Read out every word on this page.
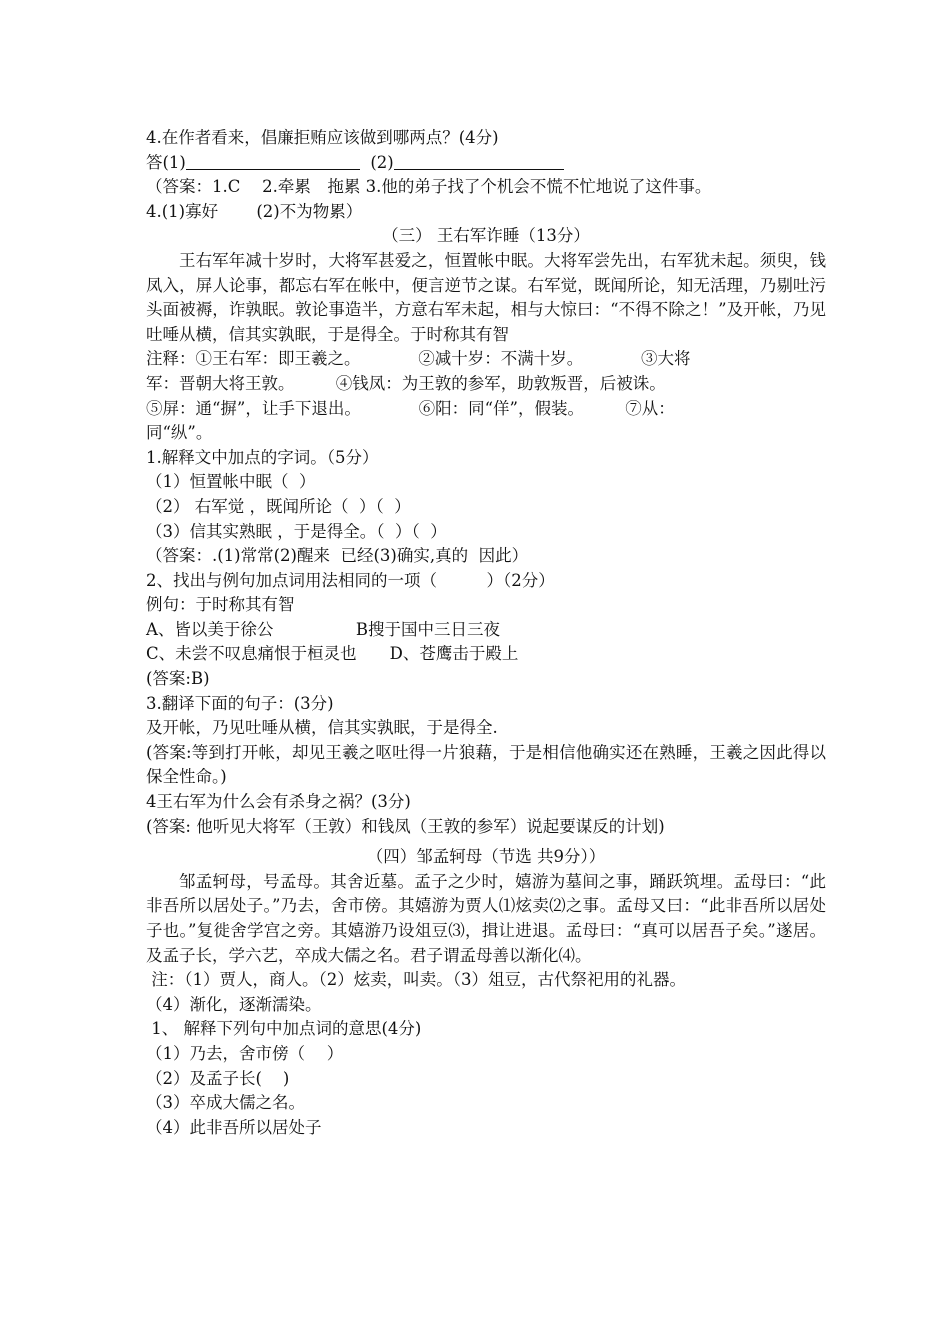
4.在作者看来，倡廉拒贿应该做到哪两点？(4分)
答(1)	(2)
（答案：1.C　 2.牵累　拖累 3.他的弟子找了个机会不慌不忙地说了这件事。
4.(1)寡好　　 (2)不为物累）
（三） 王右军诈睡（13分）
王右军年减十岁时，大将军甚爱之，恒置帐中眠。大将军尝先出，右军犹未起。须臾，钱凤入，屏人论事，都忘右军在帐中，便言逆节之谋。右军觉，既闻所论，知无活理，乃剔吐污头面被褥，诈孰眠。敦论事造半，方意右军未起，相与大惊曰：“不得不除之！”及开帐，乃见吐唾从横，信其实孰眠，于是得全。于时称其有智
注释：①王右军：即王羲之。　　　　②减十岁：不满十岁。　　　　③大将
军：晋朝大将王敦。　　　④钱凤：为王敦的参军，助敦叛晋，后被诛。
⑤屏：通“摒”，让手下退出。　　　　⑥阳：同“佯”，假装。　　　⑦从：
同“纵”。
1.解释文中加点的字词。（5分）
（1）恒置帐中眠（  ）
（2） 右军觉 ，既闻所论（  ）（  ）
（3）信其实熟眠 ，于是得全。（  ）（  ）
（答案：.(1)常常(2)醒来  已经(3)确实,真的  因此）
2、找出与例句加点词用法相同的一项（　　　）（2分）
例句：于时称其有智
A、皆以美于徐公　　　　　B搜于国中三日三夜
C、未尝不叹息痛恨于桓灵也　　D、苍鹰击于殿上
(答案:B)
3.翻译下面的句子：(3分)
及开帐，乃见吐唾从横，信其实孰眠，于是得全.
(答案:等到打开帐，却见王羲之呕吐得一片狼藉，于是相信他确实还在熟睡，王羲之因此得以保全性命。)
4王右军为什么会有杀身之祸？(3分)
(答案: 他听见大将军（王敦）和钱凤（王敦的参军）说起要谋反的计划)
（四）邹孟轲母（节选 共9分））
邹孟轲母，号孟母。其舍近墓。孟子之少时，嬉游为墓间之事，踊跃筑埋。孟母曰：“此非吾所以居处子。”乃去，舍市傍。其嬉游为贾人⑴炫卖⑵之事。孟母又曰：“此非吾所以居处子也。”复徙舍学宫之旁。其嬉游乃设俎豆⑶，揖让进退。孟母曰：“真可以居吾子矣。”遂居。及孟子长，学六艺，卒成大儒之名。君子谓孟母善以渐化⑷。
注：（1）贾人，商人。（2）炫卖，叫卖。（3）俎豆，古代祭祀用的礼器。
（4）渐化，逐渐濡染。
1、 解释下列句中加点词的意思(4分)
（1）乃去，舍市傍（　 ）
（2）及孟子长(    )
（3）卒成大儒之名。
（4）此非吾所以居处子
